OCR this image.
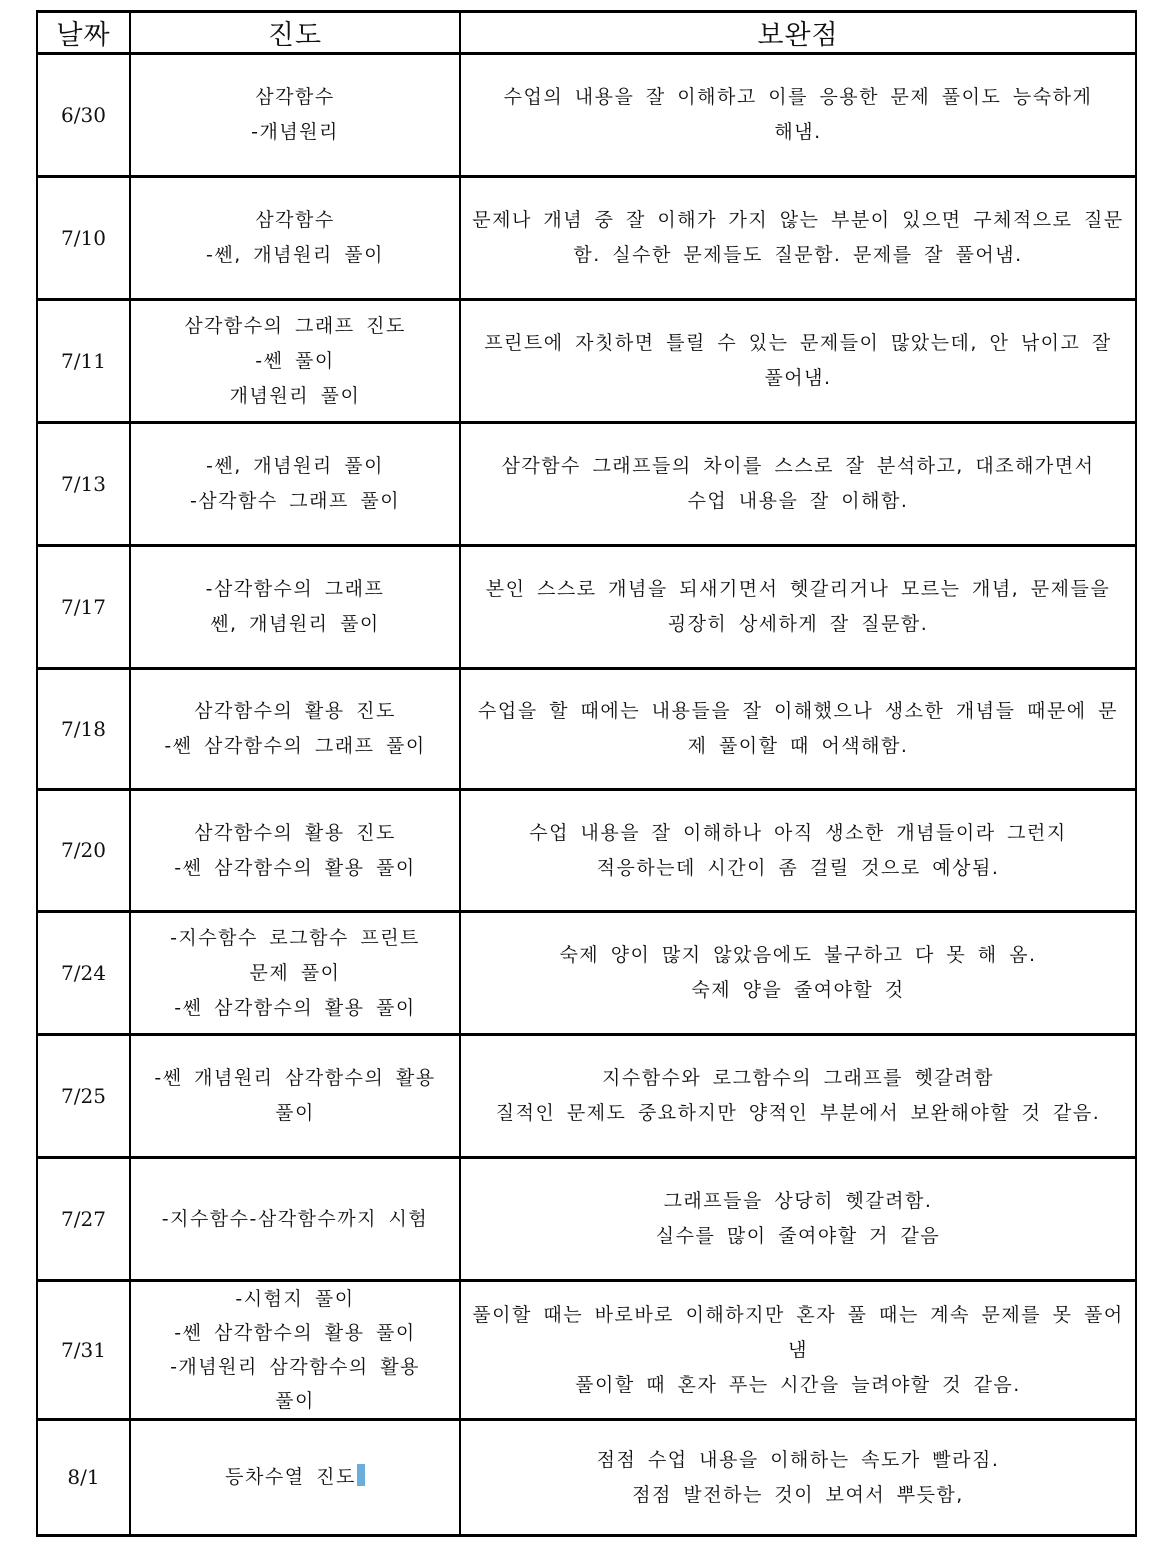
날짜	진도	보완점
6/30	삼각함수
-개념원리	수업의 내용을 잘 이해하고 이를 응용한 문제 풀이도 능숙하게 해냄.

7/10	삼각함수
-쎈, 개념원리 풀이	문제나 개념 중 잘 이해가 가지 않는 부분이 있으면 구체적으로 질문함. 실수한 문제들도 질문함. 문제를 잘 풀어냄.

7/11	삼각함수의 그래프 진도
-쎈 풀이
개념원리 풀이	프린트에 자칫하면 틀릴 수 있는 문제들이 많았는데, 안 낚이고 잘 풀어냄.

7/13	-쎈, 개념원리 풀이
-삼각함수 그래프 풀이	삼각함수 그래프들의 차이를 스스로 잘 분석하고, 대조해가면서 수업 내용을 잘 이해함.

7/17	-삼각함수의 그래프
쎈, 개념원리 풀이	본인 스스로 개념을 되새기면서 헷갈리거나 모르는 개념, 문제들을 굉장히 상세하게 잘 질문함.

7/18	삼각함수의 활용 진도
-쎈 삼각함수의 그래프 풀이	수업을 할 때에는 내용들을 잘 이해했으나 생소한 개념들 때문에 문제 풀이할 때 어색해함.

7/20	삼각함수의 활용 진도
-쎈 삼각함수의 활용 풀이	수업 내용을 잘 이해하나 아직 생소한 개념들이라 그런지
적응하는데 시간이 좀 걸릴 것으로 예상됨.

7/24	-지수함수 로그함수 프린트
문제 풀이
-쎈 삼각함수의 활용 풀이	숙제 양이 많지 않았음에도 불구하고 다 못 해 옴.
숙제 양을 줄여야할 것

7/25	-쎈 개념원리 삼각함수의 활용
풀이	지수함수와 로그함수의 그래프를 헷갈려함
질적인 문제도 중요하지만 양적인 부분에서 보완해야할 것 같음.

7/27	-지수함수-삼각함수까지 시험	그래프들을 상당히 헷갈려함.
실수를 많이 줄여야할 거 같음

7/31	-시험지 풀이
-쎈 삼각함수의 활용 풀이
-개념원리 삼각함수의 활용
풀이	풀이할 때는 바로바로 이해하지만 혼자 풀 때는 계속 문제를 못 풀어냄
풀이할 때 혼자 푸는 시간을 늘려야할 것 같음.

8/1	등차수열 진도	점점 수업 내용을 이해하는 속도가 빨라짐.
점점 발전하는 것이 보여서 뿌듯함,
